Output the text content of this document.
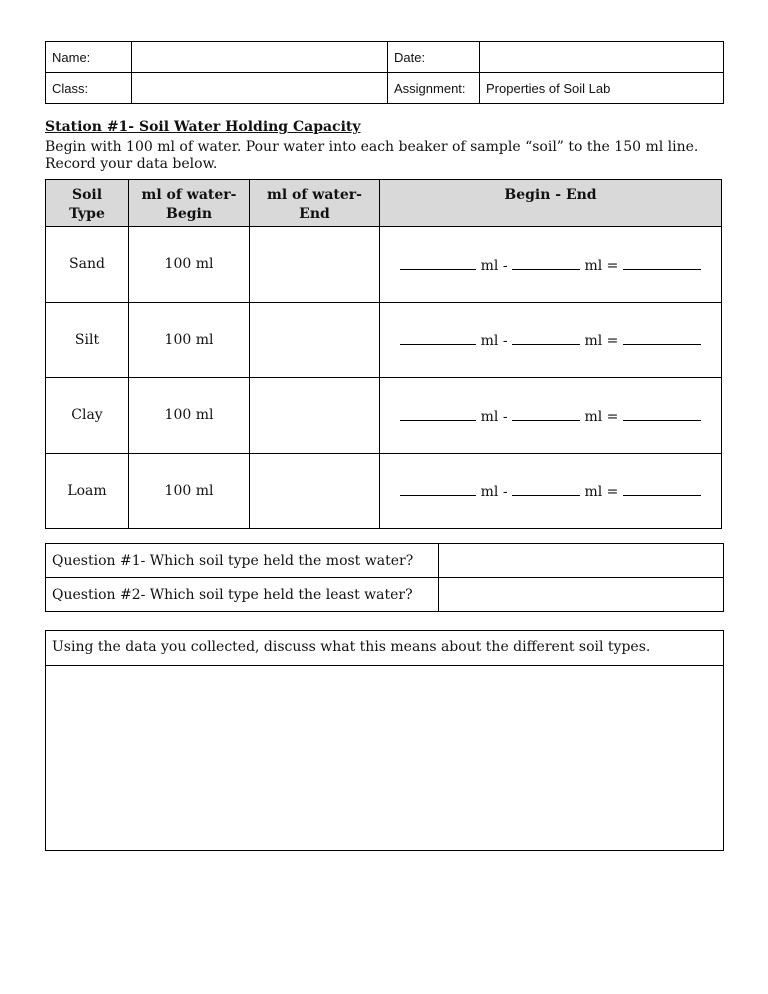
Name:		Date:	
Class:		Assignment:	Properties of Soil Lab
Station #1- Soil Water Holding Capacity
Begin with 100 ml of water. Pour water into each beaker of sample “soil” to the 150 ml line. Record your data below.
Soil Type	ml of water- Begin	ml of water- End	Begin - End
Sand	100 ml		ml - ml =
Silt	100 ml		ml - ml =
Clay	100 ml		ml - ml =
Loam	100 ml		ml - ml =
Question #1- Which soil type held the most water?	
Question #2- Which soil type held the least water?	
Using the data you collected, discuss what this means about the different soil types.
